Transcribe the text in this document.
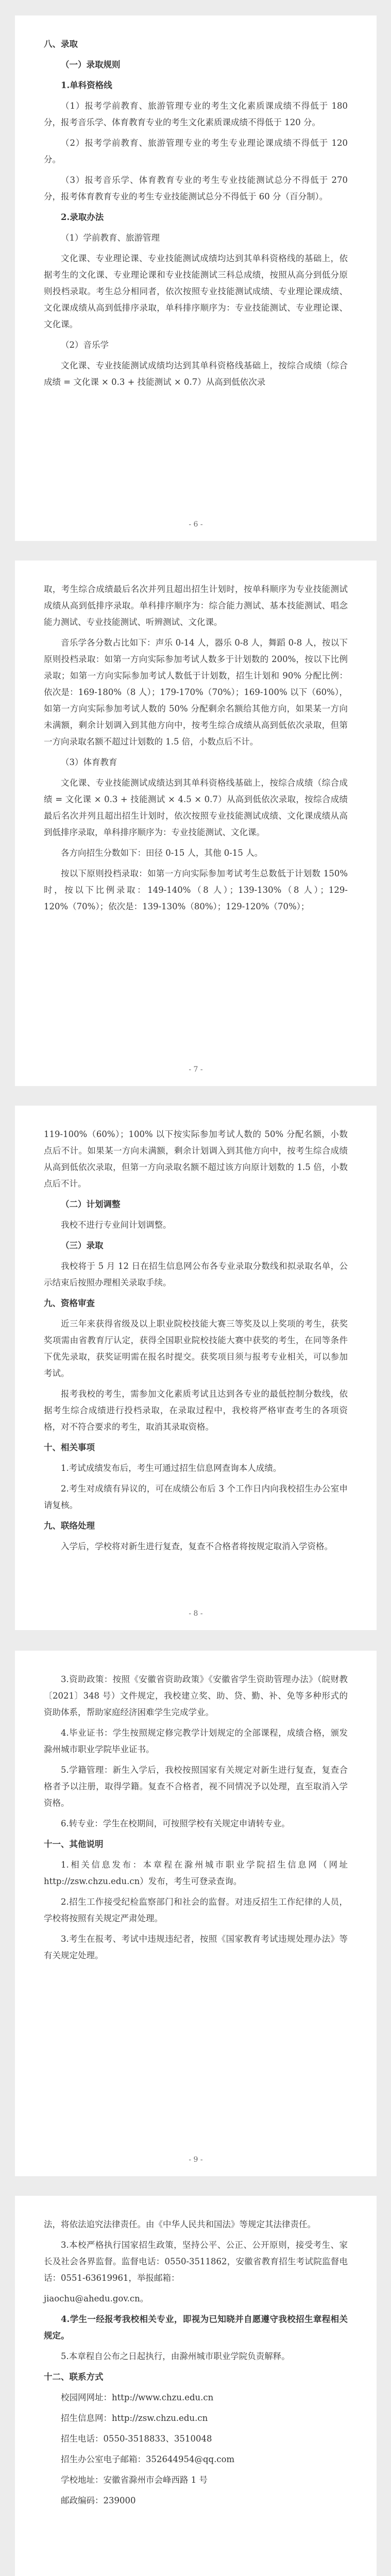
八、录取

（一）录取规则

1.单科资格线

（1）报考学前教育、旅游管理专业的考生文化素质课成绩不得低于 180 分，报考音乐学、体育教育专业的考生文化素质课成绩不得低于 120 分。

（2）报考学前教育、旅游管理专业的考生专业理论课成绩不得低于 120 分。

（3）报考音乐学、体育教育专业的考生专业技能测试总分不得低于 270 分，报考体育教育专业的考生专业技能测试总分不得低于 60 分（百分制）。

2.录取办法

（1）学前教育、旅游管理

文化课、专业理论课、专业技能测试成绩均达到其单科资格线的基础上，依据考生的文化课、专业理论课和专业技能测试三科总成绩，按照从高分到低分原则投档录取。考生总分相同者，依次按照专业技能测试成绩、专业理论课成绩、文化课成绩从高到低排序录取，单科排序顺序为：专业技能测试、专业理论课、文化课。

（2）音乐学

文化课、专业技能测试成绩均达到其单科资格线基础上，按综合成绩（综合成绩 = 文化课 × 0.3 + 技能测试 × 0.7）从高到低依次录

- 6 -

取，考生综合成绩最后名次并列且超出招生计划时，按单科顺序为专业技能测试成绩从高到低排序录取。单科排序顺序为：综合能力测试、基本技能测试、唱念能力测试、专业技能测试、听辨测试、文化课。

音乐学各分数占比如下：声乐 0-14 人，器乐 0-8 人，舞蹈 0-8 人，按以下原则投档录取：如第一方向实际参加考试人数多于计划数的 200%，按以下比例录取；如第一方向实际参加考试人数低于计划数，招生计划和 90% 分配比例：依次是：169-180%（8 人）；179-170%（70%）；169-100% 以下（60%），如第一方向实际参加考试人数的 50% 分配剩余名额给其他方向，如果某一方向未满额，剩余计划调入到其他方向中，按考生综合成绩从高到低依次录取，但第一方向录取名额不超过计划数的 1.5 倍，小数点后不计。

（3）体育教育

文化课、专业技能测试成绩达到其单科资格线基础上，按综合成绩（综合成绩 = 文化课 × 0.3 + 技能测试 × 4.5 × 0.7）从高到低依次录取，按综合成绩最后名次并列且超出招生计划时，依次按照专业技能测试成绩、文化课成绩从高到低排序录取，单科排序顺序为：专业技能测试、文化课。

各方向招生分数如下：田径 0-15 人，其他 0-15 人。

按以下原则投档录取：如第一方向实际参加考试考生总数低于计划数 150% 时，按以下比例录取：149-140%（8 人）；139-130%（8 人）；129-120%（70%）；依次是：139-130%（80%）；129-120%（70%）；

- 7 -

119-100%（60%）；100% 以下按实际参加考试人数的 50% 分配名额，小数点后不计。如果某一方向未满额，剩余计划调入到其他方向中，按考生综合成绩从高到低依次录取，但第一方向录取名额不超过该方向原计划数的 1.5 倍，小数点后不计。

（二）计划调整

我校不进行专业间计划调整。

（三）录取

我校将于 5 月 12 日在招生信息网公布各专业录取分数线和拟录取名单，公示结束后按照办理相关录取手续。

九、资格审查

近三年来获得省级及以上职业院校技能大赛三等奖及以上奖项的考生，获奖奖项需由省教育厅认定，获得全国职业院校技能大赛中获奖的考生，在同等条件下优先录取，获奖证明需在报名时提交。获奖项目须与报考专业相关，可以参加考试。

报考我校的考生，需参加文化素质考试且达到各专业的最低控制分数线，依据考生综合成绩进行投档录取，在录取过程中，我校将严格审查考生的各项资格，对不符合要求的考生，取消其录取资格。

十、相关事项

1.考试成绩发布后，考生可通过招生信息网查询本人成绩。

2.考生对成绩有异议的，可在成绩公布后 3 个工作日内向我校招生办公室申请复核。

九、联络处理

入学后，学校将对新生进行复查，复查不合格者将按规定取消入学资格。

- 8 -

3.资助政策：按照《安徽省资助政策》《安徽省学生资助管理办法》（皖财教〔2021〕348 号）文件规定，我校建立奖、助、贷、勤、补、免等多种形式的资助体系，帮助家庭经济困难学生完成学业。

4.毕业证书：学生按照规定修完教学计划规定的全部课程，成绩合格，颁发滁州城市职业学院毕业证书。

5.学籍管理：新生入学后，我校按照国家有关规定对新生进行复查，复查合格者予以注册，取得学籍。复查不合格者，视不同情况予以处理，直至取消入学资格。

6.转专业：学生在校期间，可按照学校有关规定申请转专业。

十一、其他说明

1.相关信息发布：本章程在滁州城市职业学院招生信息网（网址 http://zsw.chzu.edu.cn）发布，考生可登录查询。

2.招生工作接受纪检监察部门和社会的监督。对违反招生工作纪律的人员，学校将按照有关规定严肃处理。

3.考生在报考、考试中违规违纪者，按照《国家教育考试违规处理办法》等有关规定处理。

- 9 -

法，将依法追究法律责任。由《中华人民共和国法》等规定其法律责任。

3.本校严格执行国家招生政策，坚持公平、公正、公开原则，接受考生、家长及社会各界监督。监督电话：0550-3511862，安徽省教育招生考试院监督电话：0551-63619961，举报邮箱：

jiaochu@ahedu.gov.cn。

4.学生一经报考我校相关专业，即视为已知晓并自愿遵守我校招生章程相关规定。

5.本章程自公布之日起执行，由滁州城市职业学院负责解释。

十二、联系方式

校园网网址：http://www.chzu.edu.cn

招生信息网：http://zsw.chzu.edu.cn

招生电话：0550-3518833、3510048

招生办公室电子邮箱：352644954@qq.com

学校地址：安徽省滁州市会峰西路 1 号

邮政编码：239000
